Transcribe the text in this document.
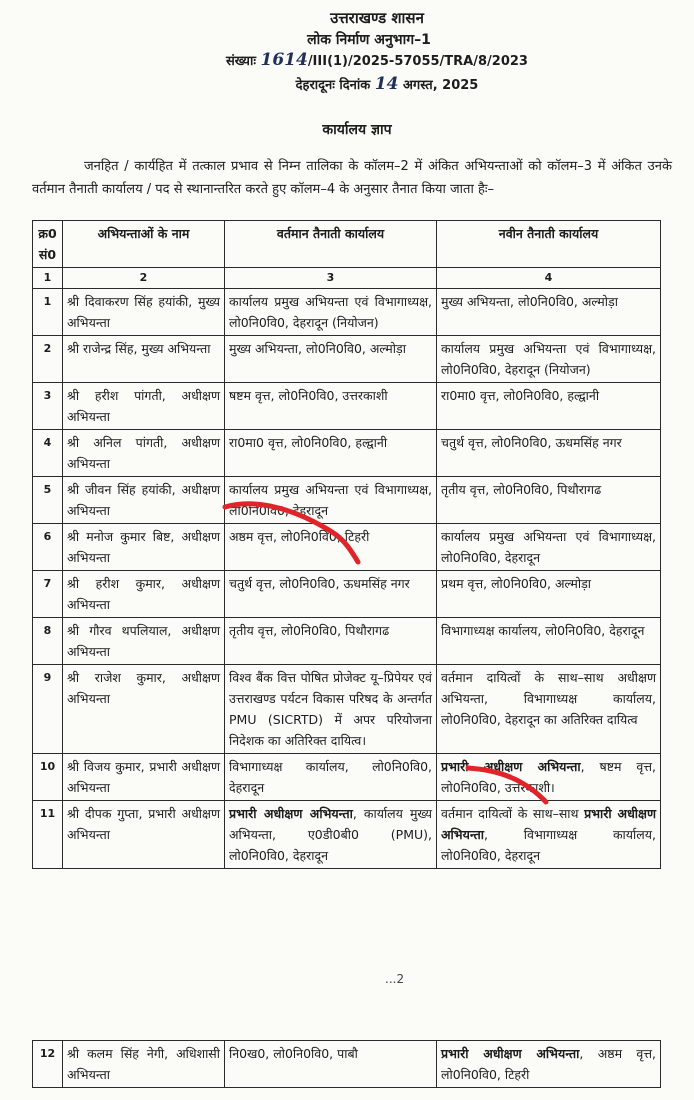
उत्तराखण्ड शासन
लोक निर्माण अनुभाग–1
संख्याः 1614/III(1)/2025-57055/TRA/8/2023
देहरादूनः दिनांक 14 अगस्त, 2025
कार्यालय ज्ञाप
जनहित / कार्यहित में तत्काल प्रभाव से निम्न तालिका के कॉलम–2 में अंकित अभियन्ताओं को कॉलम–3 में अंकित उनके वर्तमान तैनाती कार्यालय / पद से स्थानान्तरित करते हुए कॉलम–4 के अनुसार तैनात किया जाता हैः–
क्र0 सं0	अभियन्ताओं के नाम	वर्तमान तैनाती कार्यालय	नवीन तैनाती कार्यालय
1	2	3	4
1	श्री दिवाकरण सिंह हयांकी, मुख्य अभियन्ता	कार्यालय प्रमुख अभियन्ता एवं विभागाध्यक्ष, लो0नि0वि0, देहरादून (नियोजन)	मुख्य अभियन्ता, लो0नि0वि0, अल्मोड़ा
2	श्री राजेन्द्र सिंह, मुख्य अभियन्ता	मुख्य अभियन्ता, लो0नि0वि0, अल्मोड़ा	कार्यालय प्रमुख अभियन्ता एवं विभागाध्यक्ष, लो0नि0वि0, देहरादून (नियोजन)
3	श्री हरीश पांगती, अधीक्षण अभियन्ता	षष्टम वृत्त, लो0नि0वि0, उत्तरकाशी	रा0मा0 वृत्त, लो0नि0वि0, हल्द्वानी
4	श्री अनिल पांगती, अधीक्षण अभियन्ता	रा0मा0 वृत्त, लो0नि0वि0, हल्द्वानी	चतुर्थ वृत्त, लो0नि0वि0, ऊधमसिंह नगर
5	श्री जीवन सिंह हयांकी, अधीक्षण अभियन्ता	कार्यालय प्रमुख अभियन्ता एवं विभागाध्यक्ष, लो0नि0वि0, देहरादून	तृतीय वृत्त, लो0नि0वि0, पिथौरागढ
6	श्री मनोज कुमार बिष्ट, अधीक्षण अभियन्ता	अष्ठम वृत्त, लो0नि0वि0, टिहरी	कार्यालय प्रमुख अभियन्ता एवं विभागाध्यक्ष, लो0नि0वि0, देहरादून
7	श्री हरीश कुमार, अधीक्षण अभियन्ता	चतुर्थ वृत्त, लो0नि0वि0, ऊधमसिंह नगर	प्रथम वृत्त, लो0नि0वि0, अल्मोड़ा
8	श्री गौरव थपलियाल, अधीक्षण अभियन्ता	तृतीय वृत्त, लो0नि0वि0, पिथौरागढ	विभागाध्यक्ष कार्यालय, लो0नि0वि0, देहरादून
9	श्री राजेश कुमार, अधीक्षण अभियन्ता	विश्व बैंक वित्त पोषित प्रोजेक्ट यू–प्रिपेयर एवं उत्तराखण्ड पर्यटन विकास परिषद के अन्तर्गत PMU (SICRTD) में अपर परियोजना निदेशक का अतिरिक्त दायित्व।	वर्तमान दायित्वों के साथ–साथ अधीक्षण अभियन्ता, विभागाध्यक्ष कार्यालय, लो0नि0वि0, देहरादून का अतिरिक्त दायित्व
10	श्री विजय कुमार, प्रभारी अधीक्षण अभियन्ता	विभागाध्यक्ष कार्यालय, लो0नि0वि0, देहरादून	प्रभारी अधीक्षण अभियन्ता, षष्टम वृत्त, लो0नि0वि0, उत्तरकाशी।
11	श्री दीपक गुप्ता, प्रभारी अधीक्षण अभियन्ता	प्रभारी अधीक्षण अभियन्ता, कार्यालय मुख्य अभियन्ता, ए0डी0बी0 (PMU), लो0नि0वि0, देहरादून	वर्तमान दायित्वों के साथ–साथ प्रभारी अधीक्षण अभियन्ता, विभागाध्यक्ष कार्यालय, लो0नि0वि0, देहरादून
...2
12	श्री कलम सिंह नेगी, अधिशासी अभियन्ता	नि0ख0, लो0नि0वि0, पाबौ	प्रभारी अधीक्षण अभियन्ता, अष्ठम वृत्त, लो0नि0वि0, टिहरी
